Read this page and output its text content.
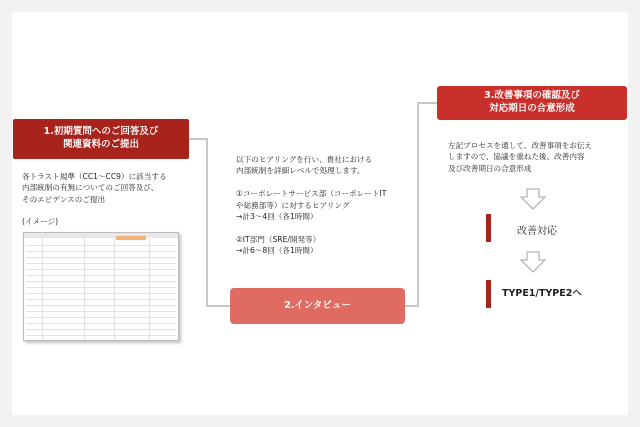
1.初期質問へのご回答及び
関連資料のご提出
各トラスト規準（CC1〜CC9）に該当する
内部統制の有無についてのご回答及び、
そのエビデンスのご提出
(イメージ)
以下のヒアリングを行い、貴社における
内部統制を詳細レベルで処理します。

①コーポレートサービス部（コーポレートIT
や総務部等）に対するヒアリング
→計3〜4回（各1時間）

②IT部門（SRE/開発等）
→計6〜8回（各1時間）
2.インタビュー
3.改善事項の確認及び
対応期日の合意形成
左記プロセスを通して、改善事項をお伝え
しますので、協議を重ねた後、改善内容
及び改善期日の合意形成
改善対応
TYPE1/TYPE2へ
